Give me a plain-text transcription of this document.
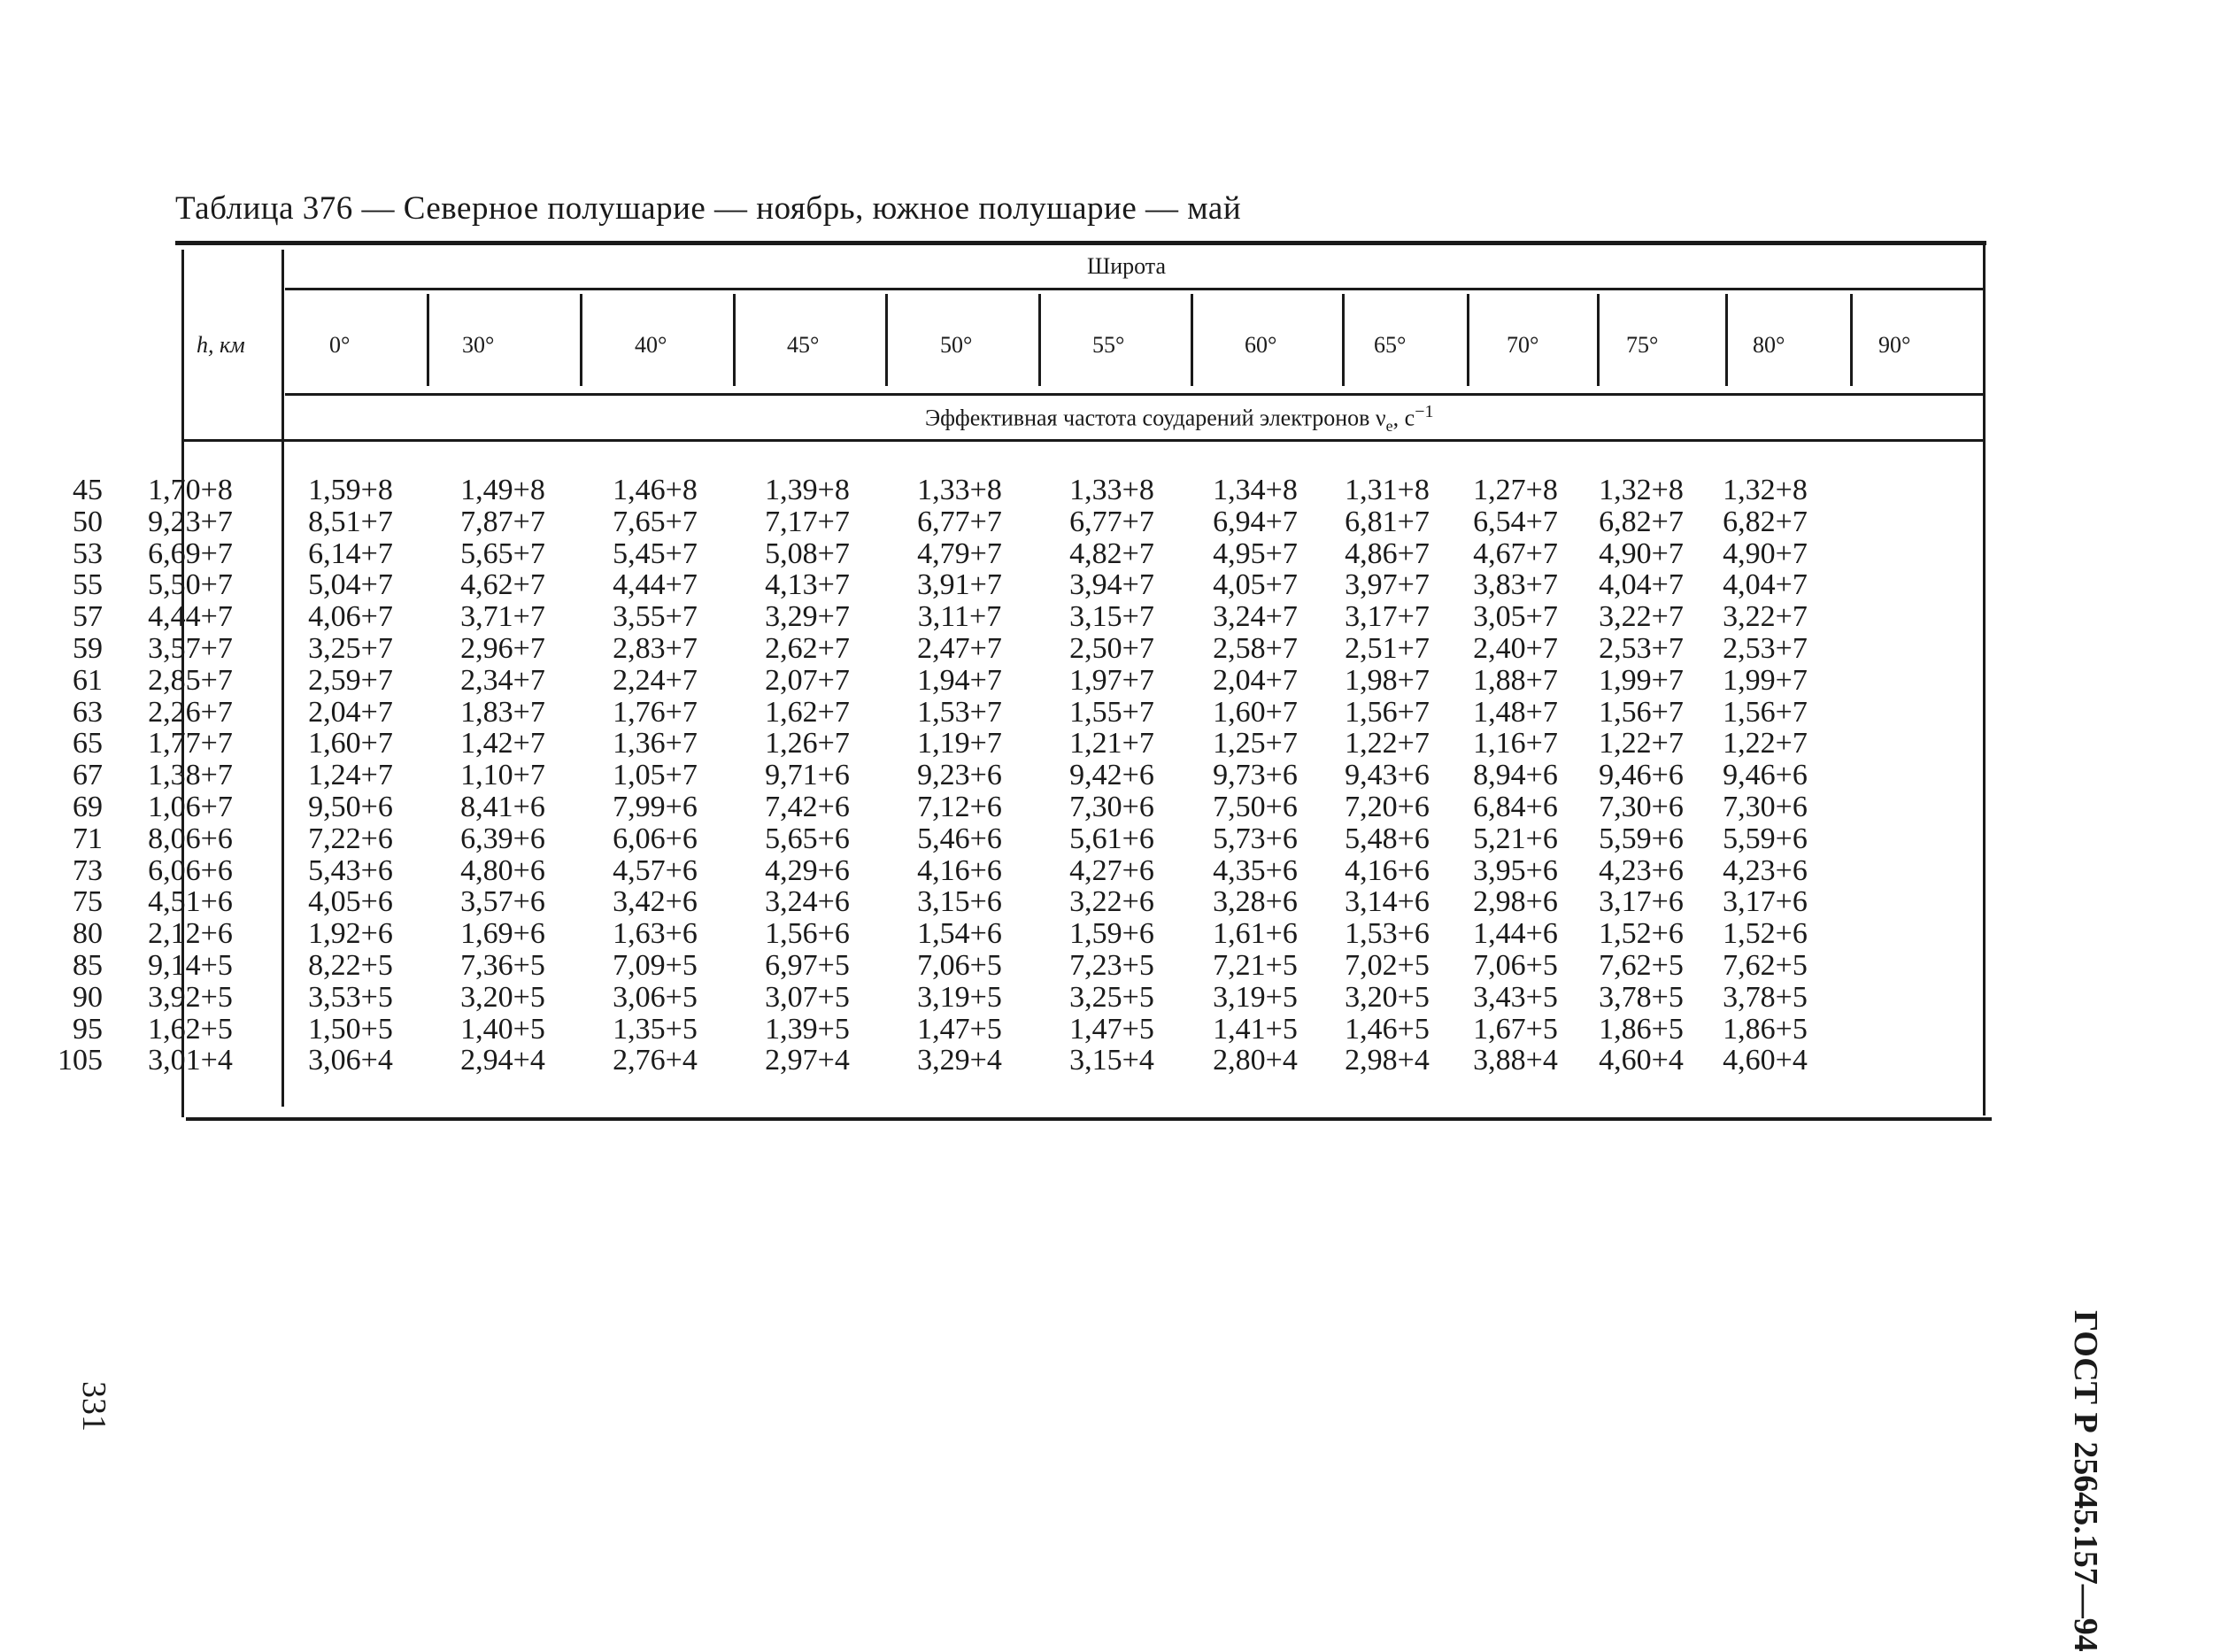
Таблица 376 — Северное полушарие — ноябрь, южное полушарие — май
h, км
Широта
0°	30°	40°	45°	50°	55°	60°	65°	70°	75°	80°	90°
Эффективная частота соударений электронов $\nu_e$, $с^{-1}$
45	1,70+8	1,59+8	1,49+8	1,46+8	1,39+8	1,33+8	1,33+8	1,34+8	1,31+8	1,27+8	1,32+8	1,32+8
50	9,23+7	8,51+7	7,87+7	7,65+7	7,17+7	6,77+7	6,77+7	6,94+7	6,81+7	6,54+7	6,82+7	6,82+7
53	6,69+7	6,14+7	5,65+7	5,45+7	5,08+7	4,79+7	4,82+7	4,95+7	4,86+7	4,67+7	4,90+7	4,90+7
55	5,50+7	5,04+7	4,62+7	4,44+7	4,13+7	3,91+7	3,94+7	4,05+7	3,97+7	3,83+7	4,04+7	4,04+7
57	4,44+7	4,06+7	3,71+7	3,55+7	3,29+7	3,11+7	3,15+7	3,24+7	3,17+7	3,05+7	3,22+7	3,22+7
59	3,57+7	3,25+7	2,96+7	2,83+7	2,62+7	2,47+7	2,50+7	2,58+7	2,51+7	2,40+7	2,53+7	2,53+7
61	2,85+7	2,59+7	2,34+7	2,24+7	2,07+7	1,94+7	1,97+7	2,04+7	1,98+7	1,88+7	1,99+7	1,99+7
63	2,26+7	2,04+7	1,83+7	1,76+7	1,62+7	1,53+7	1,55+7	1,60+7	1,56+7	1,48+7	1,56+7	1,56+7
65	1,77+7	1,60+7	1,42+7	1,36+7	1,26+7	1,19+7	1,21+7	1,25+7	1,22+7	1,16+7	1,22+7	1,22+7
67	1,38+7	1,24+7	1,10+7	1,05+7	9,71+6	9,23+6	9,42+6	9,73+6	9,43+6	8,94+6	9,46+6	9,46+6
69	1,06+7	9,50+6	8,41+6	7,99+6	7,42+6	7,12+6	7,30+6	7,50+6	7,20+6	6,84+6	7,30+6	7,30+6
71	8,06+6	7,22+6	6,39+6	6,06+6	5,65+6	5,46+6	5,61+6	5,73+6	5,48+6	5,21+6	5,59+6	5,59+6
73	6,06+6	5,43+6	4,80+6	4,57+6	4,29+6	4,16+6	4,27+6	4,35+6	4,16+6	3,95+6	4,23+6	4,23+6
75	4,51+6	4,05+6	3,57+6	3,42+6	3,24+6	3,15+6	3,22+6	3,28+6	3,14+6	2,98+6	3,17+6	3,17+6
80	2,12+6	1,92+6	1,69+6	1,63+6	1,56+6	1,54+6	1,59+6	1,61+6	1,53+6	1,44+6	1,52+6	1,52+6
85	9,14+5	8,22+5	7,36+5	7,09+5	6,97+5	7,06+5	7,23+5	7,21+5	7,02+5	7,06+5	7,62+5	7,62+5
90	3,92+5	3,53+5	3,20+5	3,06+5	3,07+5	3,19+5	3,25+5	3,19+5	3,20+5	3,43+5	3,78+5	3,78+5
95	1,62+5	1,50+5	1,40+5	1,35+5	1,39+5	1,47+5	1,47+5	1,41+5	1,46+5	1,67+5	1,86+5	1,86+5
105	3,01+4	3,06+4	2,94+4	2,76+4	2,97+4	3,29+4	3,15+4	2,80+4	2,98+4	3,88+4	4,60+4	4,60+4
ГОСТ Р 25645.157—94
331
